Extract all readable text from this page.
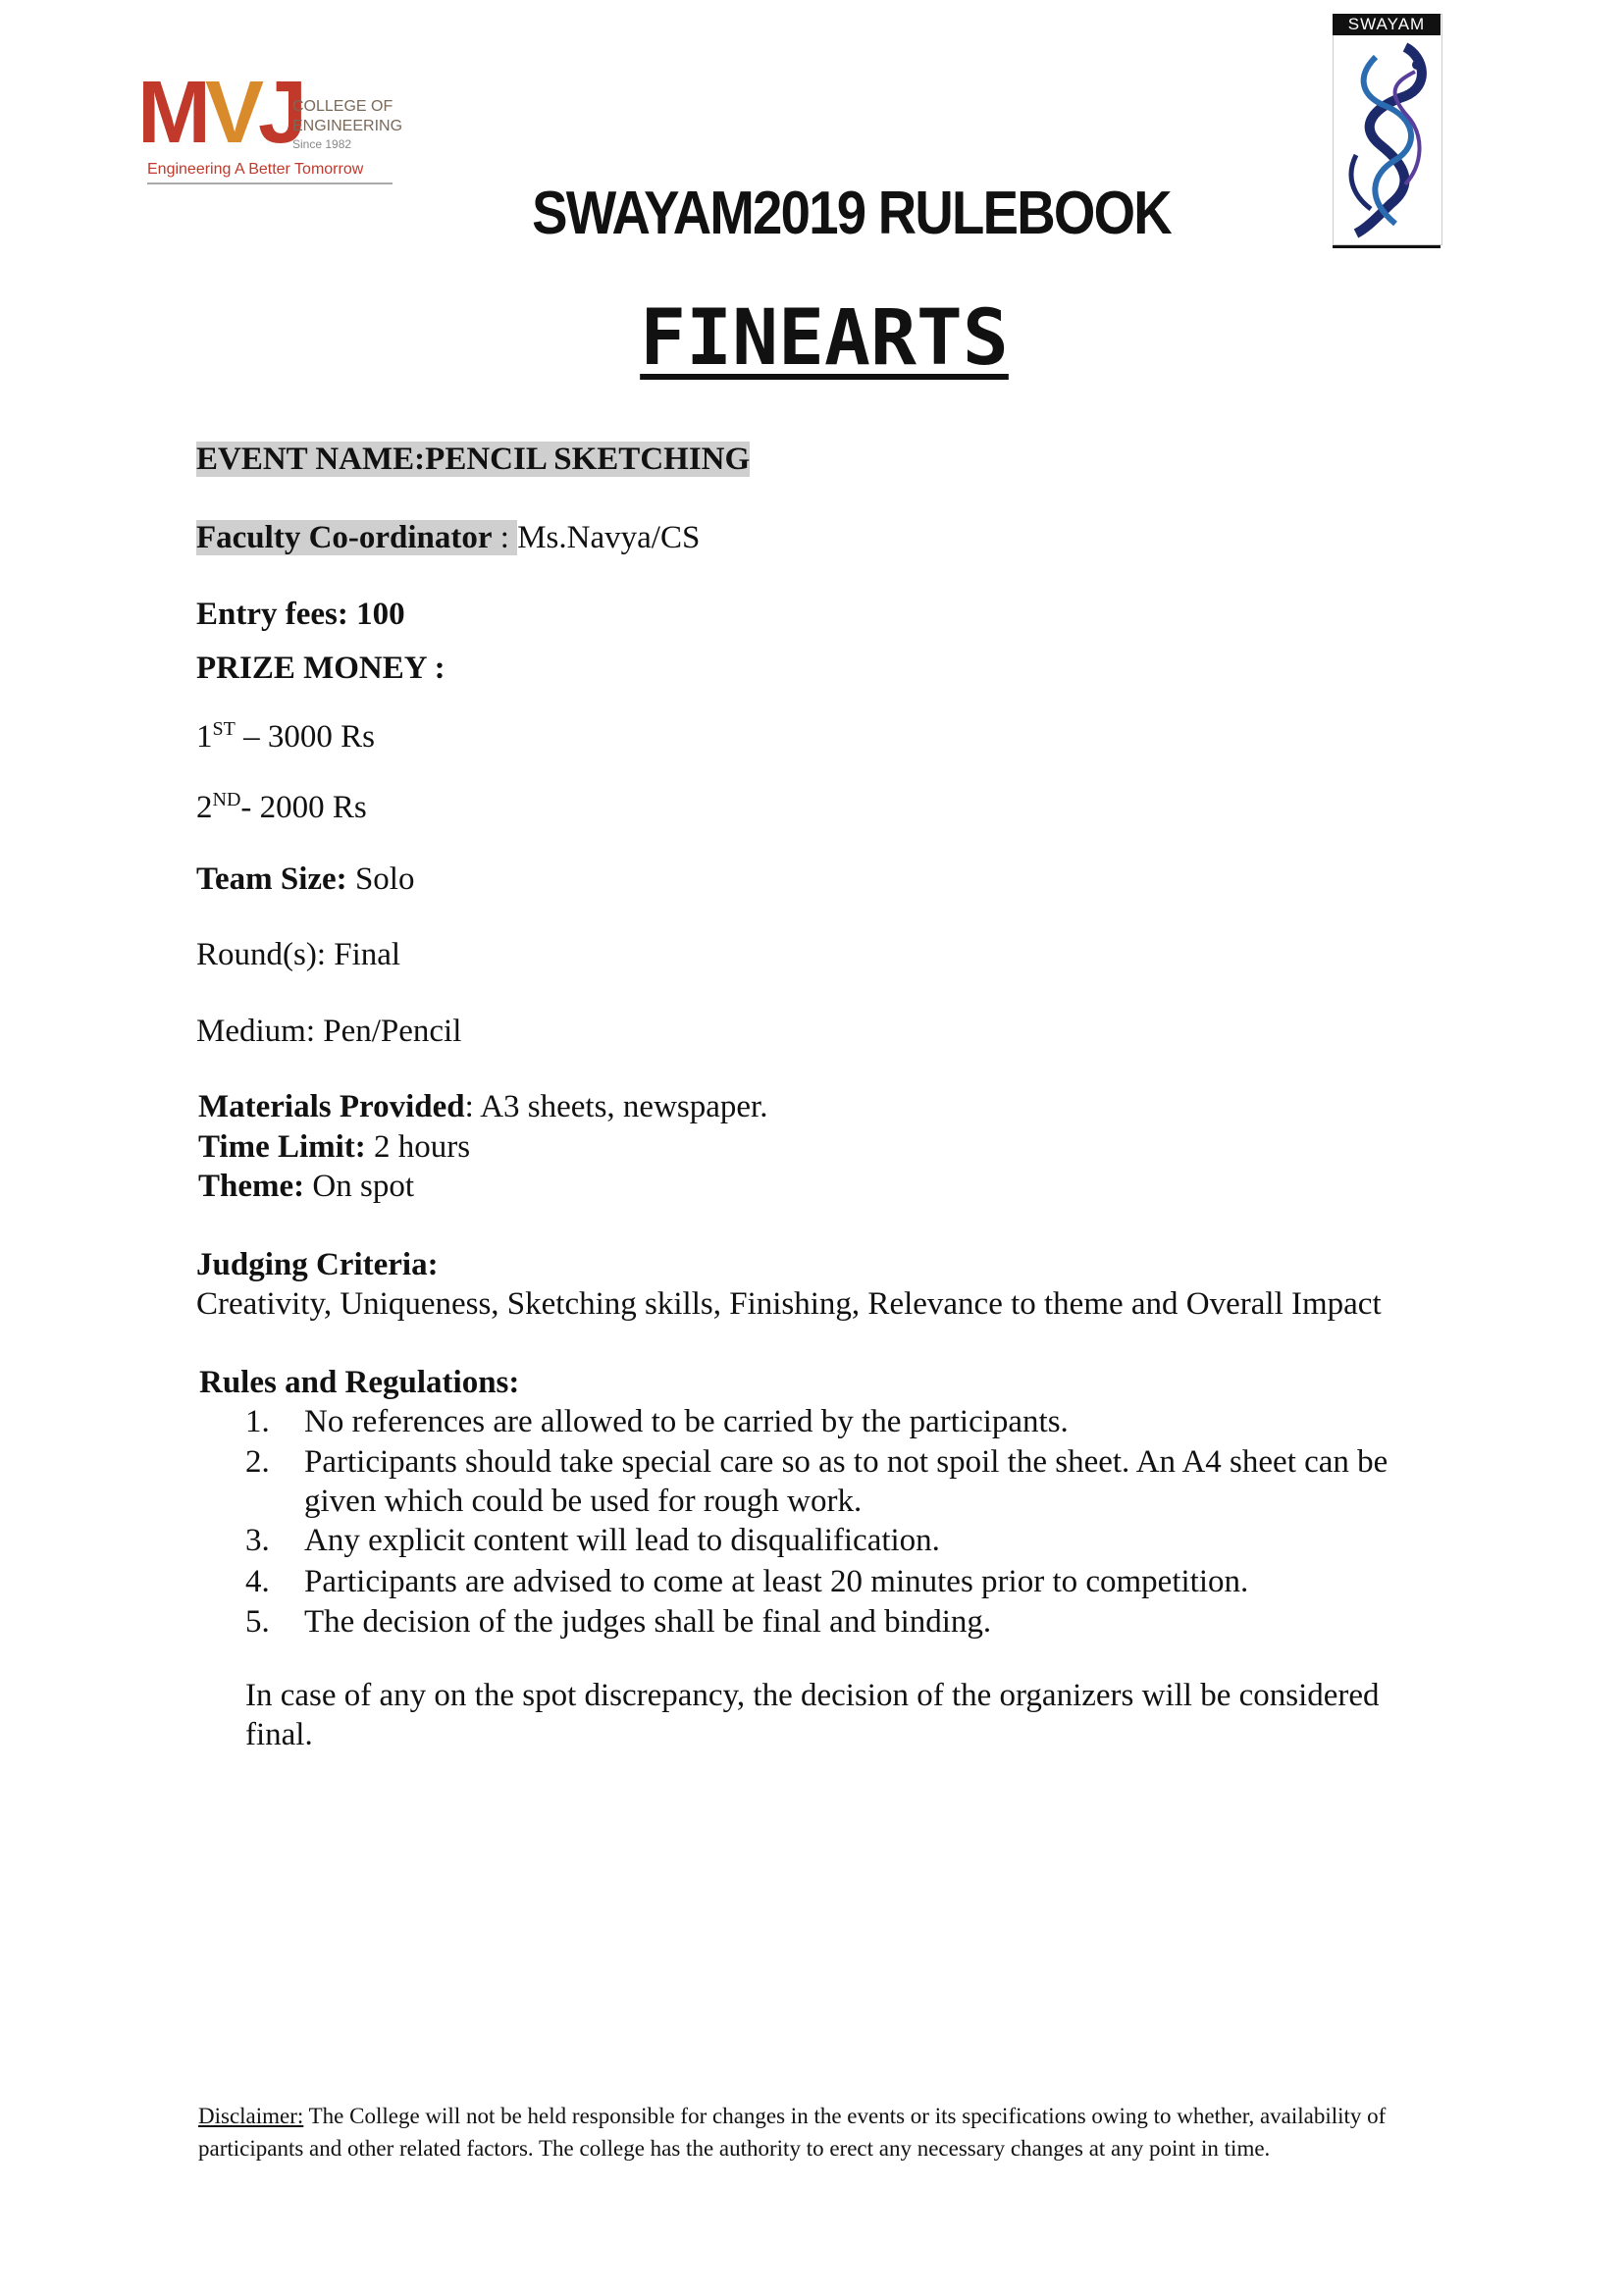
MVJ
COLLEGE OF
ENGINEERING
Since 1982
Engineering A Better Tomorrow
SWAYAM
SWAYAM2019 RULEBOOK
FINEARTS
EVENT NAME:PENCIL SKETCHING
Faculty Co-ordinator : Ms.Navya/CS
Entry fees: 100
PRIZE MONEY :
1ST – 3000 Rs
2ND- 2000 Rs
Team Size: Solo
Round(s): Final
Medium: Pen/Pencil
Materials Provided: A3 sheets, newspaper.
Time Limit: 2 hours
Theme: On spot
Judging Criteria:
Creativity, Uniqueness, Sketching skills, Finishing, Relevance to theme and Overall Impact
Rules and Regulations:
1. No references are allowed to be carried by the participants.
2. Participants should take special care so as to not spoil the sheet. An A4 sheet can be given which could be used for rough work.
3. Any explicit content will lead to disqualification.
4. Participants are advised to come at least 20 minutes prior to competition.
5. The decision of the judges shall be final and binding.
In case of any on the spot discrepancy, the decision of the organizers will be considered final.
Disclaimer: The College will not be held responsible for changes in the events or its specifications owing to whether, availability of participants and other related factors. The college has the authority to erect any necessary changes at any point in time.
